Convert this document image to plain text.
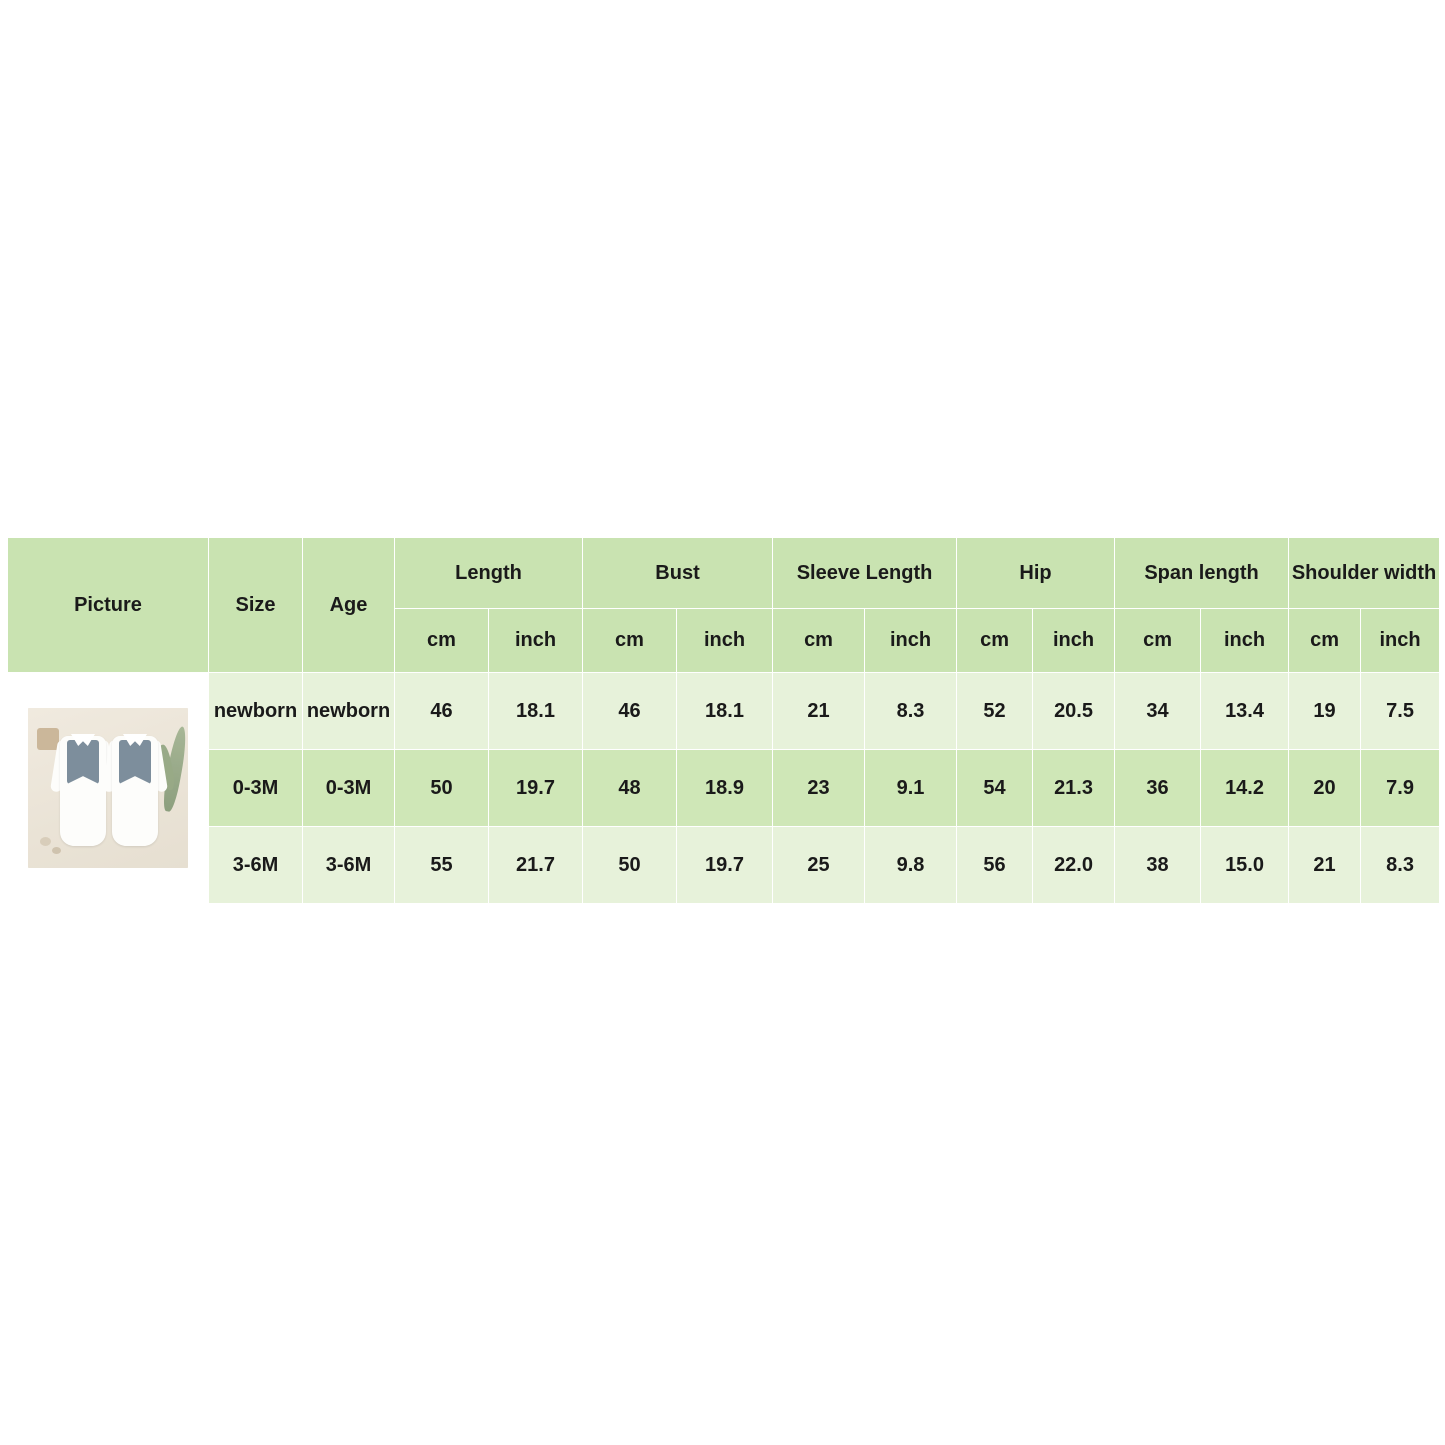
Picture	Size	Age	Length		Bust		Sleeve Length		Hip		Span length		Shoulder width	
			cm	inch	cm	inch	cm	inch	cm	inch	cm	inch	cm	inch

	newborn	newborn	46	18.1	46	18.1	21	8.3	52	20.5	34	13.4	19	7.5
	0-3M	0-3M	50	19.7	48	18.9	23	9.1	54	21.3	36	14.2	20	7.9
	3-6M	3-6M	55	21.7	50	19.7	25	9.8	56	22.0	38	15.0	21	8.3
